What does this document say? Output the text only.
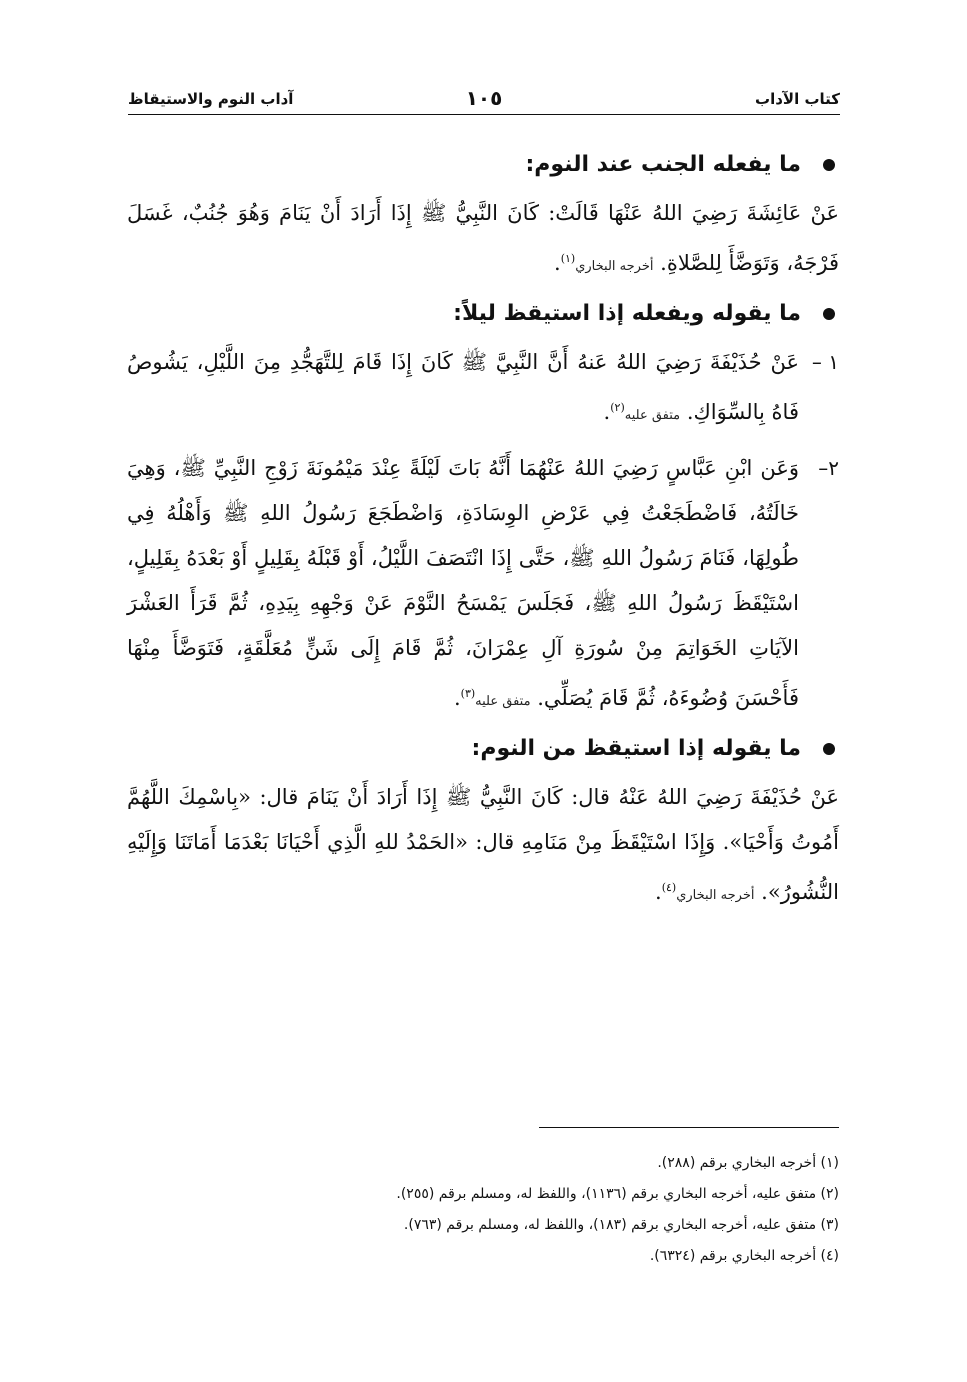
كتاب الآداب
١٠٥
آداب النوم والاستيقاظ
ما يفعله الجنب عند النوم:

عَنْ عَائِشَةَ رَضِيَ اللهُ عَنْهَا قَالَتْ: كَانَ النَّبِيُّ ﷺ إِذَا أَرَادَ أَنْ يَنَامَ وَهُوَ جُنُبٌ، غَسَلَ فَرْجَهُ، وَتَوَضَّأَ لِلصَّلاةِ. أخرجه البخاري$^{(١)}$.

ما يقوله ويفعله إذا استيقظ ليلاً:

١ –
عَنْ حُذَيْفَةَ رَضِيَ اللهُ عَنهُ أَنَّ النَّبِيَّ ﷺ كَانَ إِذَا قَامَ لِلتَّهَجُّدِ مِنَ اللَّيْلِ، يَشُوصُ فَاهُ بِالسِّوَاكِ. متفق عليه$^{(٢)}$.

٢–
وَعَن ابْنِ عَبَّاسٍ رَضِيَ اللهُ عَنْهُمَا أَنَّهُ بَاتَ لَيْلَةً عِنْدَ مَيْمُونَةَ زَوْجِ النَّبِيِّ ﷺ، وَهِيَ خَالَتُهُ، فَاضْطَجَعْتُ فِي عَرْضِ الوِسَادَةِ، وَاضْطَجَعَ رَسُولُ اللهِ ﷺ وَأَهْلُهُ فِي طُولِهَا، فَنَامَ رَسُولُ اللهِ ﷺ، حَتَّى إِذَا انْتَصَفَ اللَّيْلُ، أَوْ قَبْلَهُ بِقَلِيلٍ أَوْ بَعْدَهُ بِقَلِيلٍ، اسْتَيْقَظَ رَسُولُ اللهِ ﷺ، فَجَلَسَ يَمْسَحُ النَّوْمَ عَنْ وَجْهِهِ بِيَدِهِ، ثُمَّ قَرَأَ العَشْرَ الآيَاتِ الخَوَاتِمَ مِنْ سُورَةِ آلِ عِمْرَانَ، ثُمَّ قَامَ إِلَى شَنٍّ مُعَلَّقَةٍ، فَتَوَضَّأَ مِنْهَا فَأَحْسَنَ وُضُوءَهُ، ثُمَّ قَامَ يُصَلِّي. متفق عليه$^{(٣)}$.

ما يقوله إذا استيقظ من النوم:

عَنْ حُذَيْفَةَ رَضِيَ اللهُ عَنْهُ قال: كَانَ النَّبِيُّ ﷺ إِذَا أَرَادَ أَنْ يَنَامَ قال: «بِاسْمِكَ اللَّهُمَّ أَمُوتُ وَأَحْيَا». وَإِذَا اسْتَيْقَظَ مِنْ مَنَامِهِ قال: «الحَمْدُ للهِ الَّذِي أَحْيَانَا بَعْدَمَا أَمَاتَنَا وَإِلَيْهِ النُّشُورُ». أخرجه البخاري$^{(٤)}$.

(١) أخرجه البخاري برقم (٢٨٨).
(٢) متفق عليه، أخرجه البخاري برقم (١١٣٦)، واللفظ له، ومسلم برقم (٢٥٥).
(٣) متفق عليه، أخرجه البخاري برقم (١٨٣)، واللفظ له، ومسلم برقم (٧٦٣).
(٤) أخرجه البخاري برقم (٦٣٢٤).
